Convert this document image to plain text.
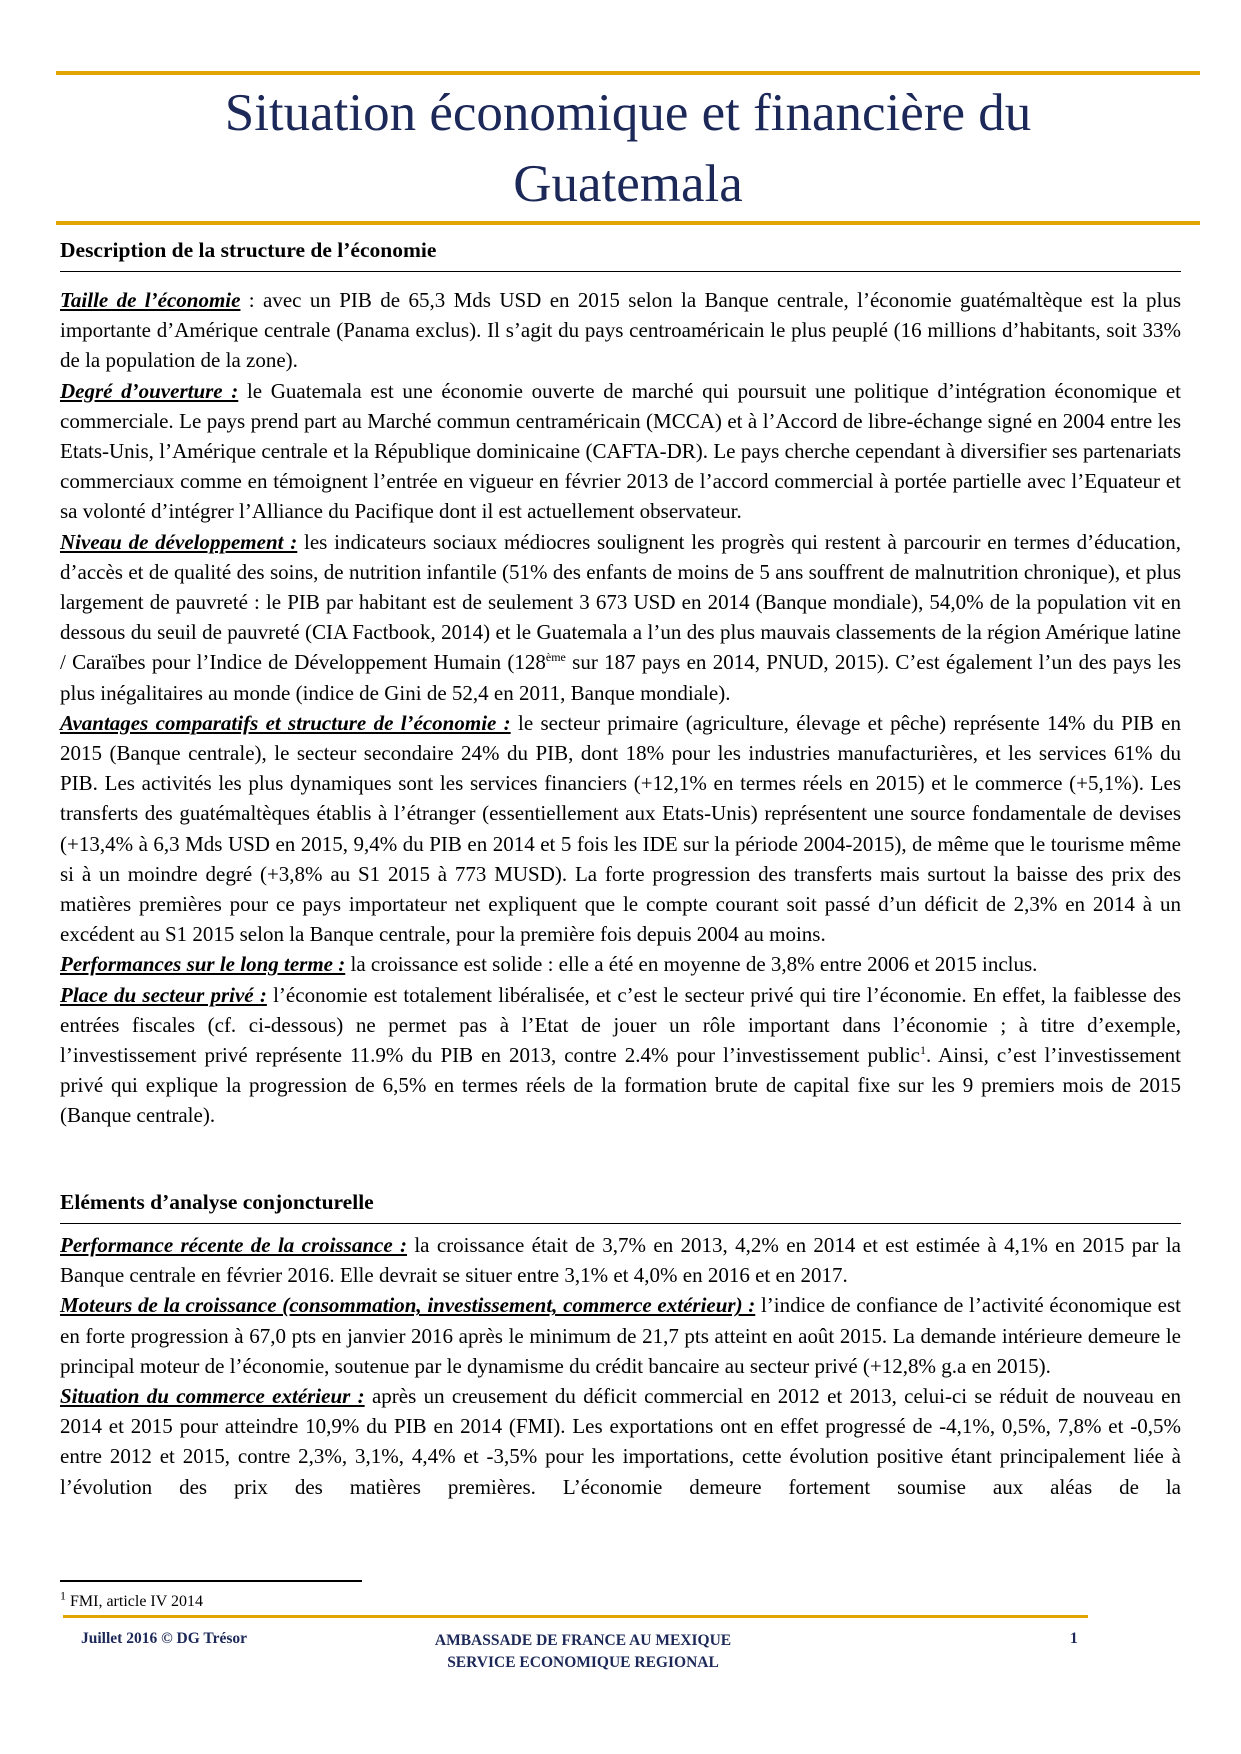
Situation économique et financière du
Guatemala
Description de la structure de l’économie

Taille de l’économie : avec un PIB de 65,3 Mds USD en 2015 selon la Banque centrale, l’économie guatémaltèque est la plus importante d’Amérique centrale (Panama exclus). Il s’agit du pays centroaméricain le plus peuplé (16 millions d’habitants, soit 33% de la population de la zone).

Degré d’ouverture : le Guatemala est une économie ouverte de marché qui poursuit une politique d’intégration économique et commerciale. Le pays prend part au Marché commun centraméricain (MCCA) et à l’Accord de libre-échange signé en 2004 entre les Etats-Unis, l’Amérique centrale et la République dominicaine (CAFTA-DR). Le pays cherche cependant à diversifier ses partenariats commerciaux comme en témoignent l’entrée en vigueur en février 2013 de l’accord commercial à portée partielle avec l’Equateur et sa volonté d’intégrer l’Alliance du Pacifique dont il est actuellement observateur.

Niveau de développement : les indicateurs sociaux médiocres soulignent les progrès qui restent à parcourir en termes d’éducation, d’accès et de qualité des soins, de nutrition infantile (51% des enfants de moins de 5 ans souffrent de malnutrition chronique), et plus largement de pauvreté : le PIB par habitant est de seulement 3 673 USD en 2014 (Banque mondiale), 54,0% de la population vit en dessous du seuil de pauvreté (CIA Factbook, 2014) et le Guatemala a l’un des plus mauvais classements de la région Amérique latine / Caraïbes pour l’Indice de Développement Humain (128ème sur 187 pays en 2014, PNUD, 2015). C’est également l’un des pays les plus inégalitaires au monde (indice de Gini de 52,4 en 2011, Banque mondiale).

Avantages comparatifs et structure de l’économie : le secteur primaire (agriculture, élevage et pêche) représente 14% du PIB en 2015 (Banque centrale), le secteur secondaire 24% du PIB, dont 18% pour les industries manufacturières, et les services 61% du PIB. Les activités les plus dynamiques sont les services financiers (+12,1% en termes réels en 2015) et le commerce (+5,1%). Les transferts des guatémaltèques établis à l’étranger (essentiellement aux Etats-Unis) représentent une source fondamentale de devises (+13,4% à 6,3 Mds USD en 2015, 9,4% du PIB en 2014 et 5 fois les IDE sur la période 2004-2015), de même que le tourisme même si à un moindre degré (+3,8% au S1 2015 à 773 MUSD). La forte progression des transferts mais surtout la baisse des prix des matières premières pour ce pays importateur net expliquent que le compte courant soit passé d’un déficit de 2,3% en 2014 à un excédent au S1 2015 selon la Banque centrale, pour la première fois depuis 2004 au moins.

Performances sur le long terme : la croissance est solide : elle a été en moyenne de 3,8% entre 2006 et 2015 inclus.

Place du secteur privé : l’économie est totalement libéralisée, et c’est le secteur privé qui tire l’économie. En effet, la faiblesse des entrées fiscales (cf. ci-dessous) ne permet pas à l’Etat de jouer un rôle important dans l’économie ; à titre d’exemple, l’investissement privé représente 11.9% du PIB en 2013, contre 2.4% pour l’investissement public$^1$. Ainsi, c’est l’investissement privé qui explique la progression de 6,5% en termes réels de la formation brute de capital fixe sur les 9 premiers mois de 2015 (Banque centrale).

Eléments d’analyse conjoncturelle

Performance récente de la croissance : la croissance était de 3,7% en 2013, 4,2% en 2014 et est estimée à 4,1% en 2015 par la Banque centrale en février 2016. Elle devrait se situer entre 3,1% et 4,0% en 2016 et en 2017.

Moteurs de la croissance (consommation, investissement, commerce extérieur) : l’indice de confiance de l’activité économique est en forte progression à 67,0 pts en janvier 2016 après le minimum de 21,7 pts atteint en août 2015. La demande intérieure demeure le principal moteur de l’économie, soutenue par le dynamisme du crédit bancaire au secteur privé (+12,8% g.a en 2015).

Situation du commerce extérieur : après un creusement du déficit commercial en 2012 et 2013, celui-ci se réduit de nouveau en 2014 et 2015 pour atteindre 10,9% du PIB en 2014 (FMI). Les exportations ont en effet progressé de -4,1%, 0,5%, 7,8% et -0,5% entre 2012 et 2015, contre 2,3%, 3,1%, 4,4% et -3,5% pour les importations, cette évolution positive étant principalement liée à l’évolution des prix des matières premières. L’économie demeure fortement soumise aux aléas de la

$^1$ FMI, article IV 2014
Juillet 2016 © DG Trésor	AMBASSADE DE FRANCE AU MEXIQUE
SERVICE ECONOMIQUE REGIONAL
1
